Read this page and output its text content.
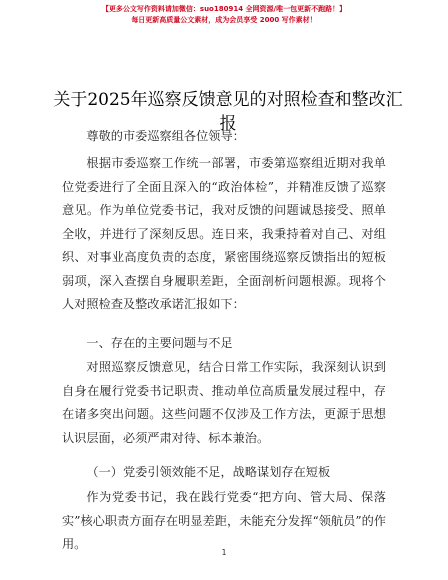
【更多公文写作资料请加微信：suo180914 全网资源/唯一包更新不跑路！】
每日更新高质量公文素材，成为会员享受 2000 写作素材！
关于2025年巡察反馈意见的对照检查和整改汇报

尊敬的市委巡察组各位领导：

根据市委巡察工作统一部署，市委第巡察组近期对我单位党委进行了全面且深入的“政治体检”，并精准反馈了巡察意见。作为单位党委书记，我对反馈的问题诚恳接受、照单全收，并进行了深刻反思。连日来，我秉持着对自己、对组织、对事业高度负责的态度，紧密围绕巡察反馈指出的短板弱项，深入查摆自身履职差距，全面剖析问题根源。现将个人对照检查及整改承诺汇报如下：

一、存在的主要问题与不足

对照巡察反馈意见，结合日常工作实际，我深刻认识到自身在履行党委书记职责、推动单位高质量发展过程中，存在诸多突出问题。这些问题不仅涉及工作方法，更源于思想认识层面，必须严肃对待、标本兼治。

（一）党委引领效能不足，战略谋划存在短板

作为党委书记，我在践行党委“把方向、管大局、保落实”核心职责方面存在明显差距，未能充分发挥“领航员”的作用。

1
